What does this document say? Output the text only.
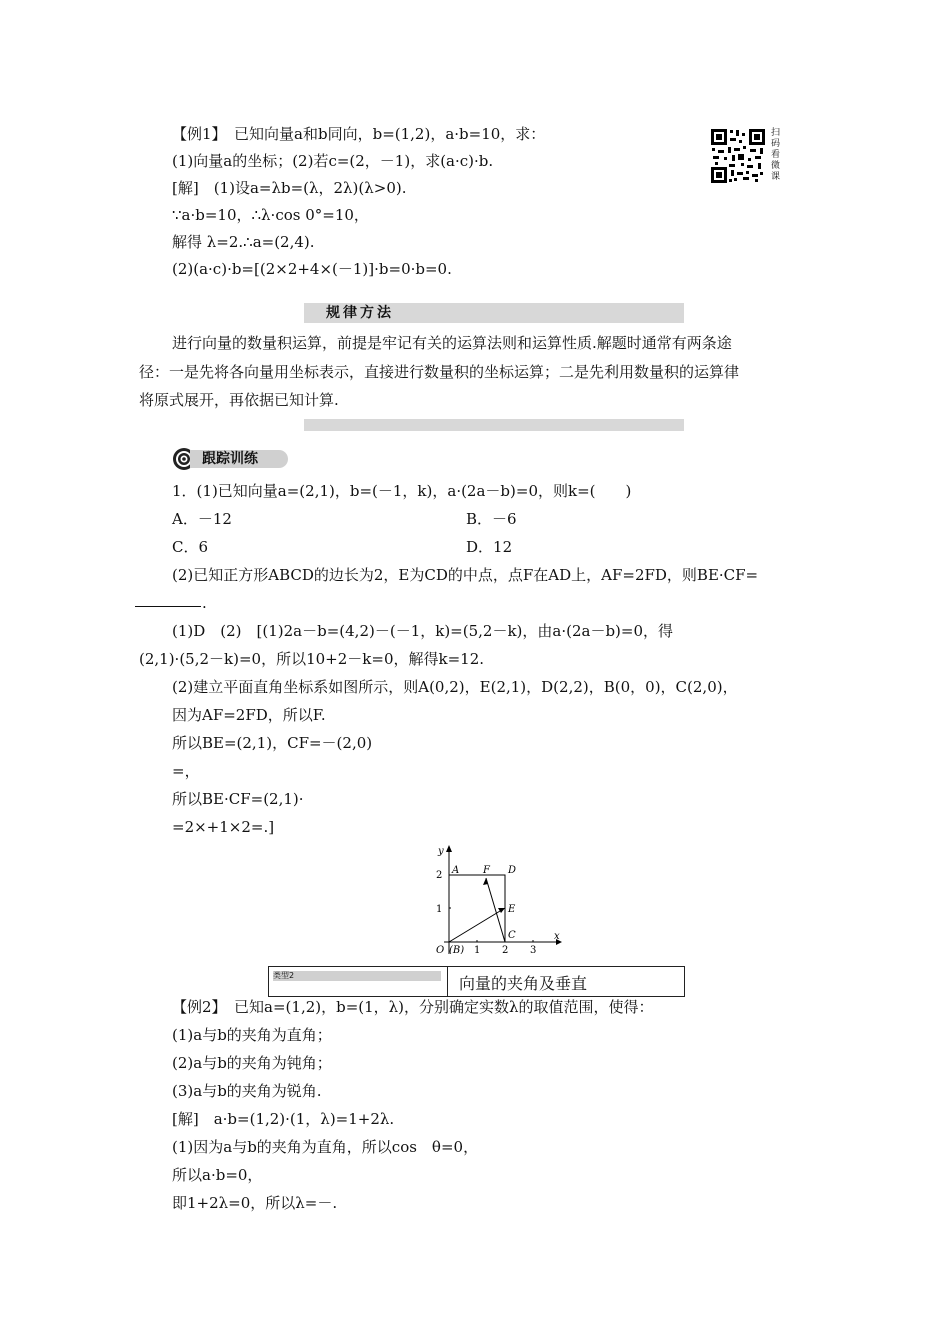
【例1】　已知向量a和b同向，b=(1,2)，a·b=10，求：
(1)向量a的坐标；(2)若c=(2，－1)，求(a·c)·b.
[解]　(1)设a=λb=(λ，2λ)(λ>0).
∵a·b=10，∴λ·cos 0°=10，
解得 λ=2.∴a=(2,4).
(2)(a·c)·b=[(2×2+4×(－1)]·b=0·b=0.
扫码看微课
规律方法
进行向量的数量积运算，前提是牢记有关的运算法则和运算性质.解题时通常有两条途
径：一是先将各向量用坐标表示，直接进行数量积的坐标运算；二是先利用数量积的运算律
将原式展开，再依据已知计算.
跟踪训练
1．(1)已知向量a=(2,1)，b=(－1，k)，a·(2a－b)=0，则k=(　　)
A．－12	B．－6
C．6	D．12
(2)已知正方形ABCD的边长为2，E为CD的中点，点F在AD上，AF=2FD，则BE·CF=
.
(1)D　(2)　[(1)2a－b=(4,2)－(－1，k)=(5,2－k)，由a·(2a－b)=0，得
(2,1)·(5,2－k)=0，所以10+2－k=0，解得k=12.
(2)建立平面直角坐标系如图所示，则A(0,2)，E(2,1)，D(2,2)，B(0，0)，C(2,0)，
因为AF=2FD，所以F.
所以BE=(2,1)，CF=－(2,0)
=，
所以BE·CF=(2,1)·
=2×+1×2=.]
y
x
2
1
O (B) 1 2 3
A F D
E
C
类型2	向量的夹角及垂直
【例2】　已知a=(1,2)，b=(1，λ)，分别确定实数λ的取值范围，使得：
(1)a与b的夹角为直角；
(2)a与b的夹角为钝角；
(3)a与b的夹角为锐角.
[解]　a·b=(1,2)·(1，λ)=1+2λ.
(1)因为a与b的夹角为直角，所以cos　θ=0，
所以a·b=0，
即1+2λ=0，所以λ=－.
